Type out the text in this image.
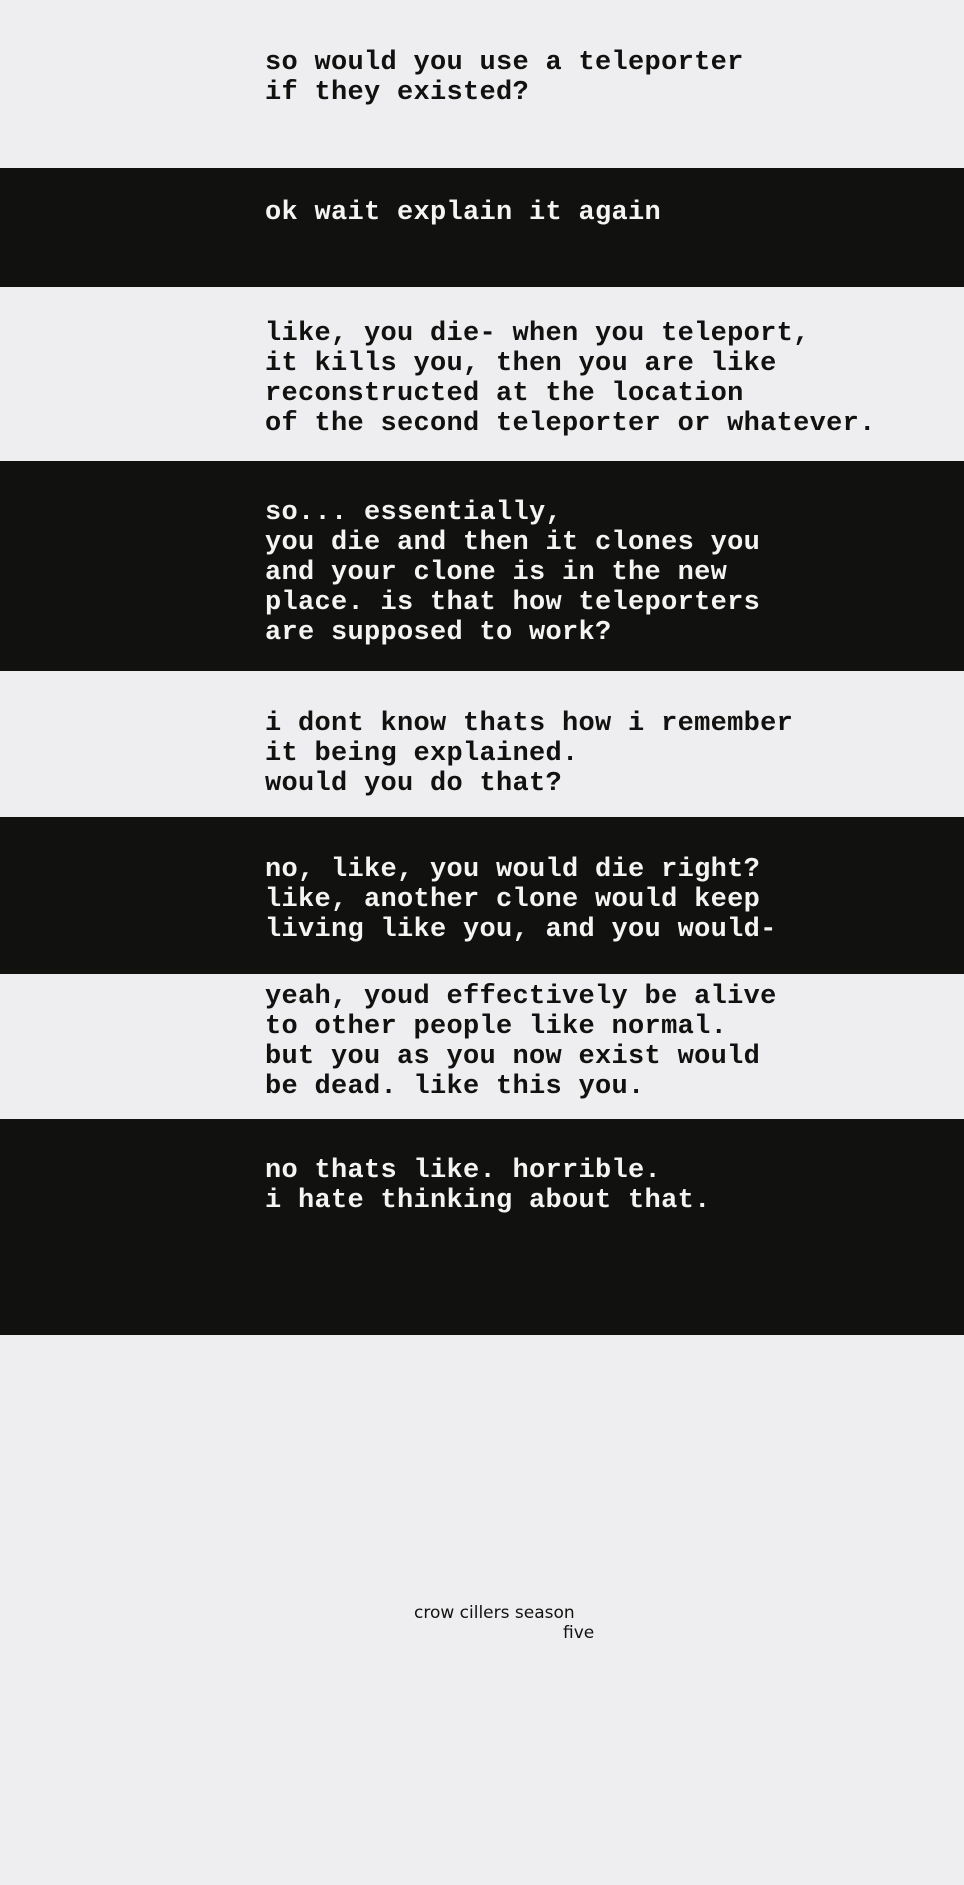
so would you use a teleporter
if they existed?

ok wait explain it again

like, you die- when you teleport,
it kills you, then you are like
reconstructed at the location
of the second teleporter or whatever.

so... essentially,
you die and then it clones you
and your clone is in the new
place. is that how teleporters
are supposed to work?

i dont know thats how i remember
it being explained.
would you do that?

no, like, you would die right?
like, another clone would keep
living like you, and you would-

yeah, youd effectively be alive
to other people like normal.
but you as you now exist would
be dead. like this you.

no thats like. horrible.
i hate thinking about that.

crow cillers season
five
